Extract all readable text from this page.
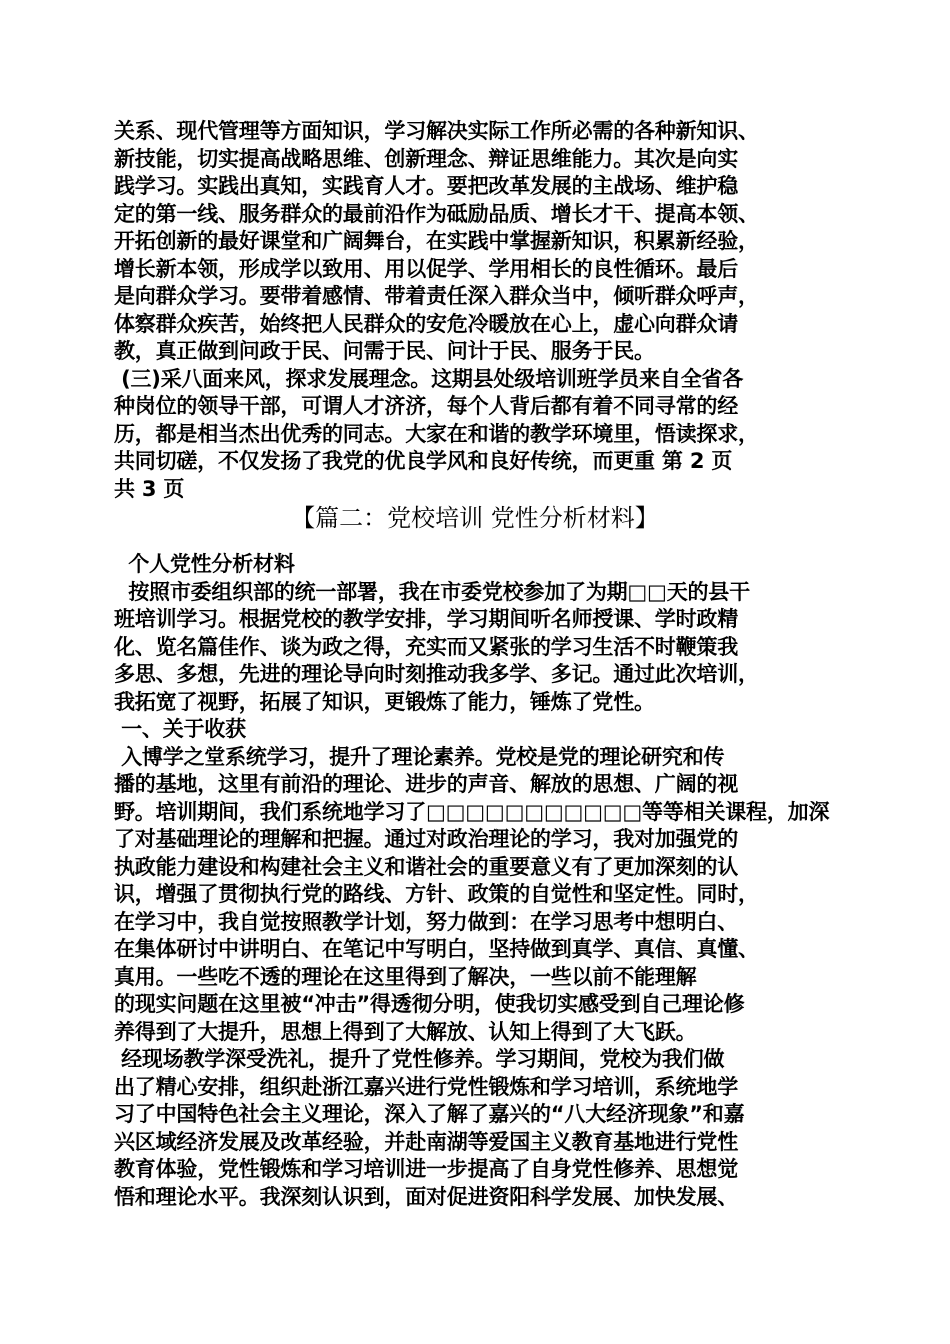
关系、现代管理等方面知识，学习解决实际工作所必需的各种新知识、
新技能，切实提高战略思维、创新理念、辩证思维能力。其次是向实
践学习。实践出真知，实践育人才。要把改革发展的主战场、维护稳
定的第一线、服务群众的最前沿作为砥励品质、增长才干、提高本领、
开拓创新的最好课堂和广阔舞台，在实践中掌握新知识，积累新经验，
增长新本领，形成学以致用、用以促学、学用相长的良性循环。最后
是向群众学习。要带着感情、带着责任深入群众当中，倾听群众呼声，
体察群众疾苦，始终把人民群众的安危冷暖放在心上，虚心向群众请
教，真正做到问政于民、问需于民、问计于民、服务于民。
(三)采八面来风，探求发展理念。这期县处级培训班学员来自全省各
种岗位的领导干部，可谓人才济济，每个人背后都有着不同寻常的经
历，都是相当杰出优秀的同志。大家在和谐的教学环境里，悟读探求，
共同切磋，不仅发扬了我党的优良学风和良好传统，而更重 第 2 页
共 3 页
【篇二：党校培训 党性分析材料】
个人党性分析材料
按照市委组织部的统一部署，我在市委党校参加了为期□□天的县干
班培训学习。根据党校的教学安排，学习期间听名师授课、学时政精
化、览名篇佳作、谈为政之得，充实而又紧张的学习生活不时鞭策我
多思、多想，先进的理论导向时刻推动我多学、多记。通过此次培训，
我拓宽了视野，拓展了知识，更锻炼了能力，锤炼了党性。
一、关于收获
入博学之堂系统学习，提升了理论素养。党校是党的理论研究和传
播的基地，这里有前沿的理论、进步的声音、解放的思想、广阔的视
野。培训期间，我们系统地学习了□□□□□□□□□□□等等相关课程，加深
了对基础理论的理解和把握。通过对政治理论的学习，我对加强党的
执政能力建设和构建社会主义和谐社会的重要意义有了更加深刻的认
识，增强了贯彻执行党的路线、方针、政策的自觉性和坚定性。同时，
在学习中，我自觉按照教学计划，努力做到：在学习思考中想明白、
在集体研讨中讲明白、在笔记中写明白，坚持做到真学、真信、真懂、
真用。一些吃不透的理论在这里得到了解决，一些以前不能理解
的现实问题在这里被“冲击”得透彻分明，使我切实感受到自己理论修
养得到了大提升，思想上得到了大解放、认知上得到了大飞跃。
经现场教学深受洗礼，提升了党性修养。学习期间，党校为我们做
出了精心安排，组织赴浙江嘉兴进行党性锻炼和学习培训，系统地学
习了中国特色社会主义理论，深入了解了嘉兴的“八大经济现象”和嘉
兴区域经济发展及改革经验，并赴南湖等爱国主义教育基地进行党性
教育体验，党性锻炼和学习培训进一步提高了自身党性修养、思想觉
悟和理论水平。我深刻认识到，面对促进资阳科学发展、加快发展、
